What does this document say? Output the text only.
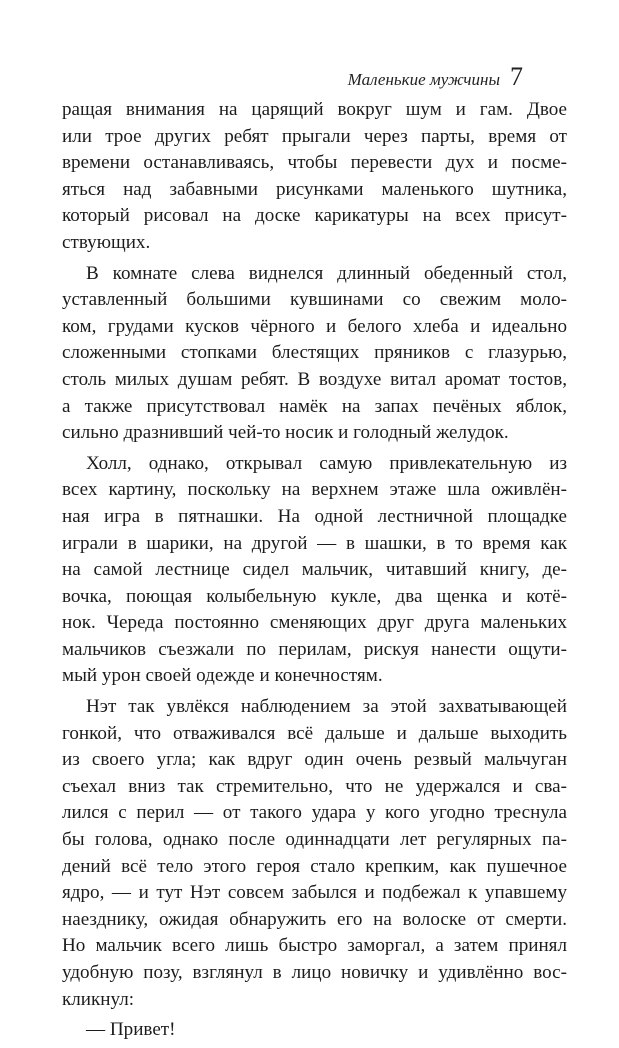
Маленькие мужчины 7
ращая внимания на царящий вокруг шум и гам. Двое
или трое других ребят прыгали через парты, время от
времени останавливаясь, чтобы перевести дух и посме-
яться над забавными рисунками маленького шутника,
который рисовал на доске карикатуры на всех присут-
ствующих.
В комнате слева виднелся длинный обеденный стол,
уставленный большими кувшинами со свежим моло-
ком, грудами кусков чёрного и белого хлеба и идеально
сложенными стопками блестящих пряников с глазурью,
столь милых душам ребят. В воздухе витал аромат тостов,
а также присутствовал намёк на запах печёных яблок,
сильно дразнивший чей-то носик и голодный желудок.
Холл, однако, открывал самую привлекательную из
всех картину, поскольку на верхнем этаже шла оживлён-
ная игра в пятнашки. На одной лестничной площадке
играли в шарики, на другой — в шашки, в то время как
на самой лестнице сидел мальчик, читавший книгу, де-
вочка, поющая колыбельную кукле, два щенка и котё-
нок. Череда постоянно сменяющих друг друга маленьких
мальчиков съезжали по перилам, рискуя нанести ощути-
мый урон своей одежде и конечностям.
Нэт так увлёкся наблюдением за этой захватывающей
гонкой, что отваживался всё дальше и дальше выходить
из своего угла; как вдруг один очень резвый мальчуган
съехал вниз так стремительно, что не удержался и сва-
лился с перил — от такого удара у кого угодно треснула
бы голова, однако после одиннадцати лет регулярных па-
дений всё тело этого героя стало крепким, как пушечное
ядро, — и тут Нэт совсем забылся и подбежал к упавшему
наезднику, ожидая обнаружить его на волоске от смерти.
Но мальчик всего лишь быстро заморгал, а затем принял
удобную позу, взглянул в лицо новичку и удивлённо вос-
кликнул:
— Привет!
